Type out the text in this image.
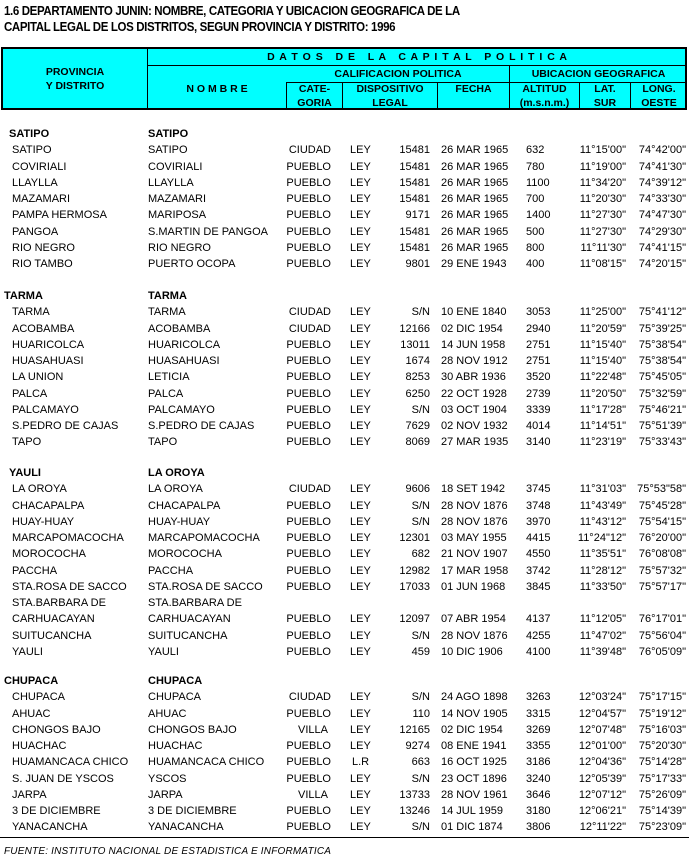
1.6 DEPARTAMENTO JUNIN: NOMBRE, CATEGORIA Y UBICACION GEOGRAFICA DE LA
CAPITAL LEGAL DE LOS DISTRITOS, SEGUN PROVINCIA Y DISTRITO: 1996
PROVINCIA
Y DISTRITO
D A T O S   D E   L A   C A P I T A L   P O L I T I C A
N O M B R E
CALIFICACION POLITICA	UBICACION GEOGRAFICA
CATE-
GORIA
DISPOSITIVO
LEGAL
FECHA	ALTITUD
(m.s.n.m.)
LAT.
SUR
LONG.
OESTE
SATIPO	SATIPO
SATIPO	SATIPO	CIUDAD LEY	15481 26 MAR 1965 632	11°15'00" 74°42'00"
COVIRIALI	COVIRIALI	PUEBLO LEY	15481 26 MAR 1965 780	11°19'00" 74°41'30"
LLAYLLA	LLAYLLA	PUEBLO LEY	15481 26 MAR 1965 1100	11°34'20" 74°39'12"
MAZAMARI	MAZAMARI	PUEBLO LEY	15481 26 MAR 1965 700	11°20'30" 74°33'30"
PAMPA HERMOSA	MARIPOSA	PUEBLO LEY	9171 26 MAR 1965 1400	11°27'30" 74°47'30"
PANGOA	S.MARTIN DE PANGOA PUEBLO LEY	15481 26 MAR 1965 500	11°27'30" 74°29'30"
RIO NEGRO	RIO NEGRO	PUEBLO LEY	15481 26 MAR 1965 800	11°11'30" 74°41'15"
RIO TAMBO	PUERTO OCOPA	PUEBLO LEY	9801 29 ENE 1943 400	11°08'15" 74°20'15"
TARMA	TARMA
TARMA	TARMA	CIUDAD LEY	S/N 10 ENE 1840 3053	11°25'00" 75°41'12"
ACOBAMBA	ACOBAMBA	CIUDAD LEY	12166 02 DIC 1954 2940	11°20'59" 75°39'25"
HUARICOLCA	HUARICOLCA	PUEBLO LEY	13011 14 JUN 1958 2751	11°15'40" 75°38'54"
HUASAHUASI	HUASAHUASI	PUEBLO LEY	1674 28 NOV 1912 2751	11°15'40" 75°38'54"
LA UNION	LETICIA	PUEBLO LEY	8253 30 ABR 1936 3520	11°22'48" 75°45'05"
PALCA	PALCA	PUEBLO LEY	6250 22 OCT 1928 2739	11°20'50" 75°32'59"
PALCAMAYO	PALCAMAYO	PUEBLO LEY	S/N 03 OCT 1904 3339	11°17'28" 75°46'21"
S.PEDRO DE CAJAS	S.PEDRO DE CAJAS	PUEBLO LEY	7629 02 NOV 1932 4014	11°14'51" 75°51'39"
TAPO	TAPO	PUEBLO LEY	8069 27 MAR 1935 3140	11°23'19" 75°33'43"
YAULI	LA OROYA
LA OROYA	LA OROYA	CIUDAD LEY	9606 18 SET 1942 3745	11°31'03" 75°53"58"
CHACAPALPA	CHACAPALPA	PUEBLO LEY	S/N 28 NOV 1876 3748	11°43'49" 75°45'28"
HUAY-HUAY	HUAY-HUAY	PUEBLO LEY	S/N 28 NOV 1876 3970	11°43'12" 75°54'15"
MARCAPOMACOCHA MARCAPOMACOCHA PUEBLO LEY	12301 03 MAY 1955 4415 11°24"12" 76°20'00"
MOROCOCHA	MOROCOCHA	PUEBLO LEY	682 21 NOV 1907 4550	11°35'51" 76°08'08"
PACCHA	PACCHA	PUEBLO LEY	12982 17 MAR 1958 3742	11°28'12" 75°57'32"
STA.ROSA DE SACCO STA.ROSA DE SACCO PUEBLO LEY	17033 01 JUN 1968 3845	11°33'50" 75°57'17"
STA.BARBARA DE	STA.BARBARA DE
CARHUACAYAN	CARHUACAYAN	PUEBLO LEY	12097 07 ABR 1954 4137	11°12'05" 76°17'01"
SUITUCANCHA	SUITUCANCHA	PUEBLO LEY	S/N 28 NOV 1876 4255	11°47'02" 75°56'04"
YAULI	YAULI	PUEBLO LEY	459 10 DIC 1906 4100	11°39'48" 76°05'09"
CHUPACA	CHUPACA
CHUPACA	CHUPACA	CIUDAD LEY	S/N 24 AGO 1898 3263	12°03'24" 75°17'15"
AHUAC	AHUAC	PUEBLO LEY	110 14 NOV 1905 3315	12°04'57" 75°19'12"
CHONGOS BAJO	CHONGOS BAJO	VILLA LEY	12165 02 DIC 1954 3269	12°07'48" 75°16'03"
HUACHAC	HUACHAC	PUEBLO LEY	9274 08 ENE 1941 3355	12°01'00" 75°20'30"
HUAMANCACA CHICO HUAMANCACA CHICO PUEBLO L.R	663 16 OCT 1925 3186	12°04'36" 75°14'28"
S. JUAN DE YSCOS	YSCOS	PUEBLO LEY	S/N 23 OCT 1896 3240	12°05'39" 75°17'33"
JARPA	JARPA	VILLA LEY	13733 28 NOV 1961 3646	12°07'12" 75°26'09"
3 DE DICIEMBRE	3 DE DICIEMBRE	PUEBLO LEY	13246 14 JUL 1959 3180	12°06'21" 75°14'39"
YANACANCHA	YANACANCHA	PUEBLO LEY	S/N 01 DIC 1874 3806	12°11'22" 75°23'09"
FUENTE: INSTITUTO NACIONAL DE ESTADISTICA E INFORMATICA
